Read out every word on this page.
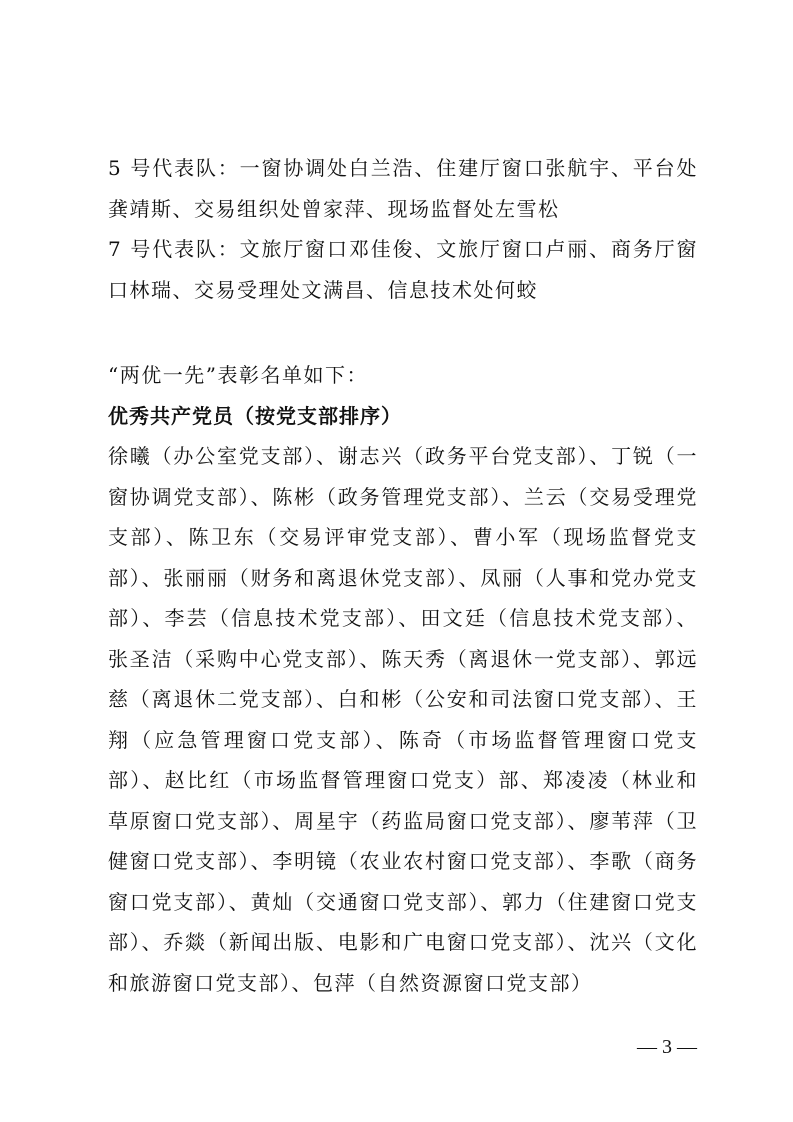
5 号代表队：一窗协调处白兰浩、住建厅窗口张航宇、平台处龚靖斯、交易组织处曾家萍、现场监督处左雪松

7 号代表队：文旅厅窗口邓佳俊、文旅厅窗口卢丽、商务厅窗口林瑞、交易受理处文满昌、信息技术处何蛟

“两优一先”表彰名单如下：
优秀共产党员（按党支部排序）
徐曦（办公室党支部）、谢志兴（政务平台党支部）、丁锐（一窗协调党支部）、陈彬（政务管理党支部）、兰云（交易受理党支部）、陈卫东（交易评审党支部）、曹小军（现场监督党支部）、张丽丽（财务和离退休党支部）、凤丽（人事和党办党支部）、李芸（信息技术党支部）、田文廷（信息技术党支部）、张圣洁（采购中心党支部）、陈天秀（离退休一党支部）、郭远慈（离退休二党支部）、白和彬（公安和司法窗口党支部）、王翔（应急管理窗口党支部）、陈奇（市场监督管理窗口党支部）、赵比红（市场监督管理窗口党支）部、郑凌凌（林业和草原窗口党支部）、周星宇（药监局窗口党支部）、廖苇萍（卫健窗口党支部）、李明镜（农业农村窗口党支部）、李歌（商务窗口党支部）、黄灿（交通窗口党支部）、郭力（住建窗口党支部）、乔燚（新闻出版、电影和广电窗口党支部）、沈兴（文化和旅游窗口党支部）、包萍（自然资源窗口党支部）
— 3 —
